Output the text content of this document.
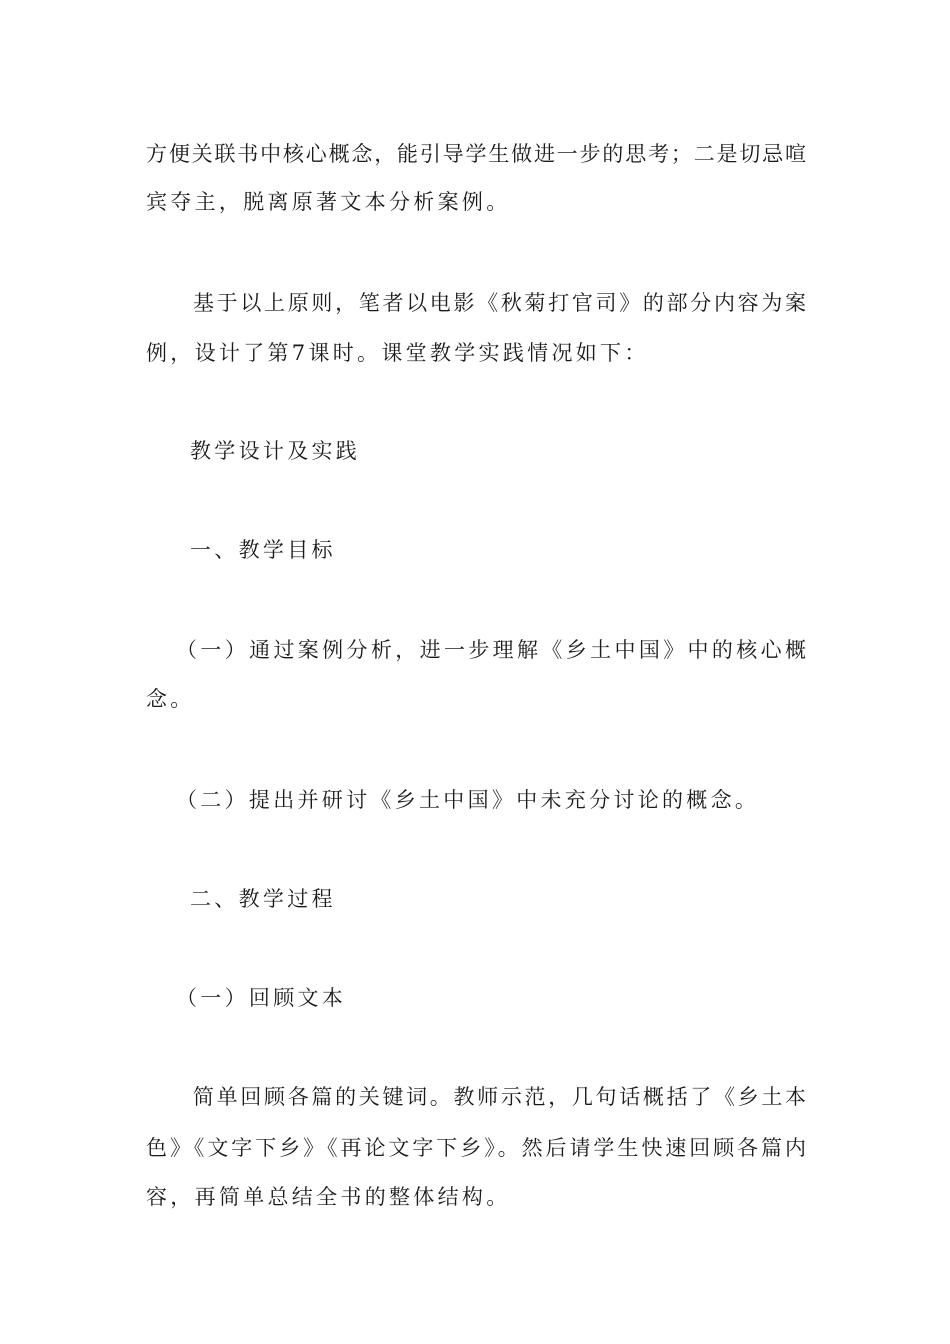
方便关联书中核心概念，能引导学生做进一步的思考；二是切忌喧
宾夺主，脱离原著文本分析案例。
基于以上原则，笔者以电影《秋菊打官司》的部分内容为案
例，设计了第7课时。课堂教学实践情况如下：
教学设计及实践
一、教学目标
（一）通过案例分析，进一步理解《乡土中国》中的核心概
念。
（二）提出并研讨《乡土中国》中未充分讨论的概念。
二、教学过程
（一）回顾文本
简单回顾各篇的关键词。教师示范，几句话概括了《乡土本
色》《文字下乡》《再论文字下乡》。然后请学生快速回顾各篇内
容，再简单总结全书的整体结构。
